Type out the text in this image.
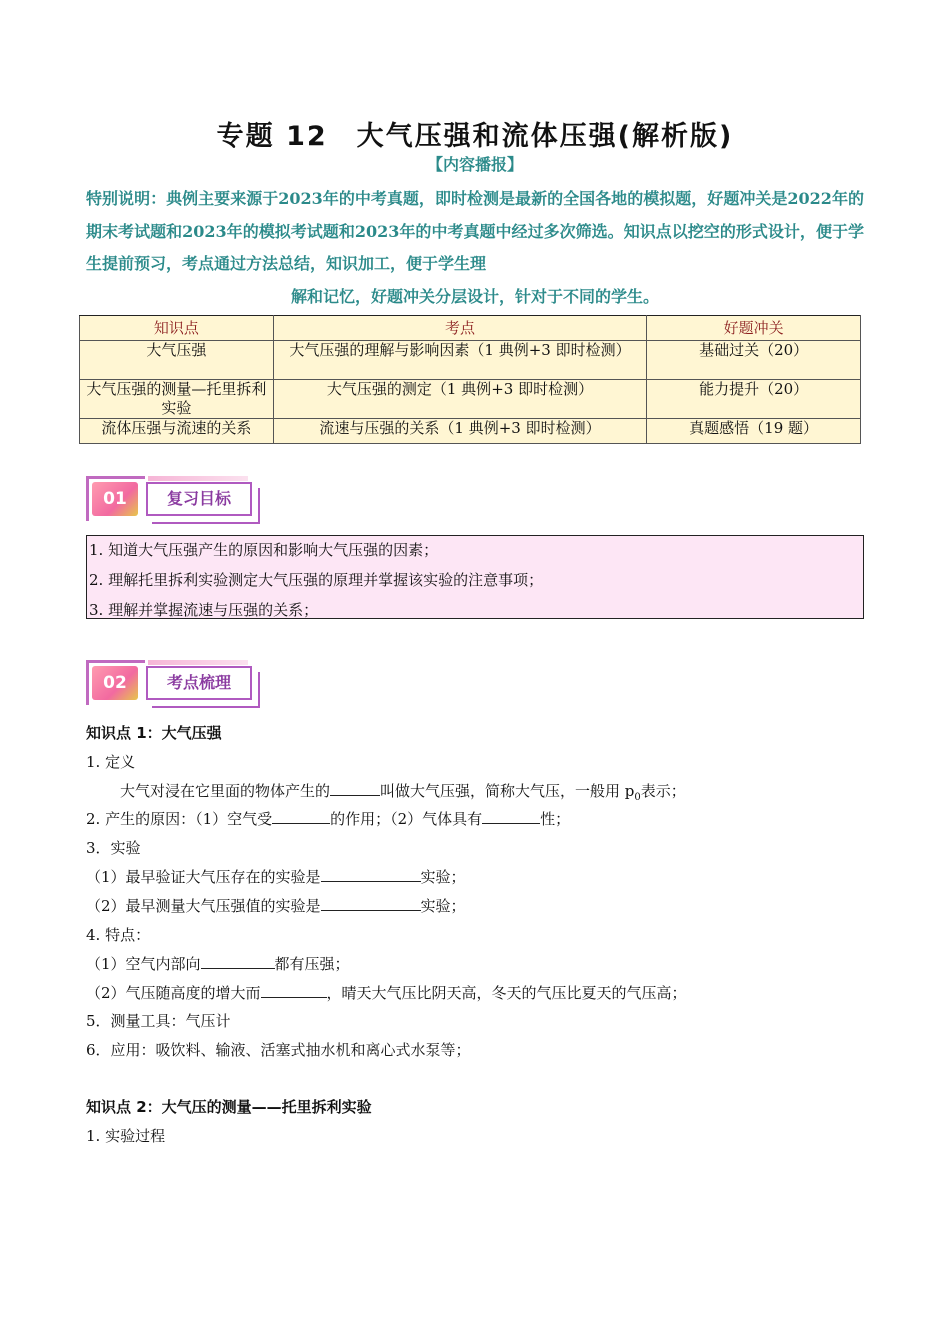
专题 12　大气压强和流体压强(解析版)
【内容播报】
特别说明：典例主要来源于2023年的中考真题，即时检测是最新的全国各地的模拟题，好题冲关是2022年的期末考试题和2023年的模拟考试题和2023年的中考真题中经过多次筛选。知识点以挖空的形式设计，便于学生提前预习，考点通过方法总结，知识加工，便于学生理
解和记忆，好题冲关分层设计，针对于不同的学生。
知识点	考点	好题冲关
大气压强	大气压强的理解与影响因素（1 典例+3 即时检测）	基础过关（20）
大气压强的测量—托里拆利实验	大气压强的测定（1 典例+3 即时检测）	能力提升（20）
流体压强与流速的关系	流速与压强的关系（1 典例+3 即时检测）	真题感悟（19 题）
01	复习目标
1. 知道大气压强产生的原因和影响大气压强的因素；
2. 理解托里拆利实验测定大气压强的原理并掌握该实验的注意事项；
3. 理解并掌握流速与压强的关系；
02	考点梳理
知识点 1：大气压强
1. 定义
大气对浸在它里面的物体产生的	叫做大气压强，简称大气压，一般用 $p_0$表示；
2. 产生的原因：（1）空气受	的作用；（2）气体具有	性；
3．实验
（1）最早验证大气压存在的实验是	实验；
（2）最早测量大气压强值的实验是	实验；
4. 特点：
（1）空气内部向	都有压强；
（2）气压随高度的增大而	，晴天大气压比阴天高，冬天的气压比夏天的气压高；
5．测量工具：气压计
6．应用：吸饮料、输液、活塞式抽水机和离心式水泵等；
知识点 2：大气压的测量——托里拆利实验
1. 实验过程
